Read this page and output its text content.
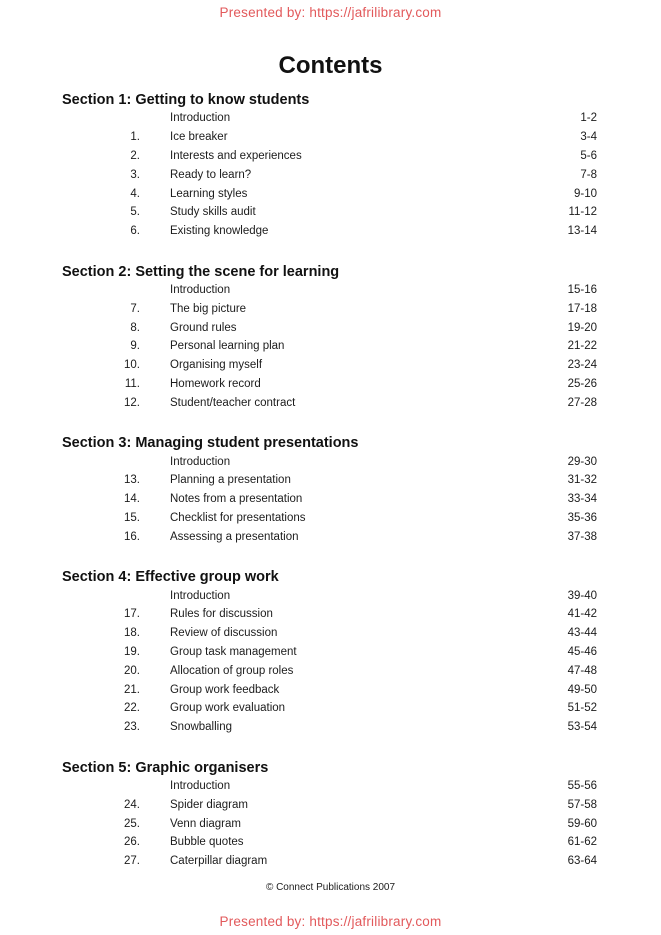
Presented by: https://jafrilibrary.com
Contents
Section 1: Getting to know students
Introduction	1-2
1.	Ice breaker	3-4
2.	Interests and experiences	5-6
3.	Ready to learn?	7-8
4.	Learning styles	9-10
5.	Study skills audit	11-12
6.	Existing knowledge	13-14
Section 2: Setting the scene for learning
Introduction	15-16
7.	The big picture	17-18
8.	Ground rules	19-20
9.	Personal learning plan	21-22
10.	Organising myself	23-24
11.	Homework record	25-26
12.	Student/teacher contract	27-28
Section 3: Managing student presentations
Introduction	29-30
13.	Planning a presentation	31-32
14.	Notes from a presentation	33-34
15.	Checklist for presentations	35-36
16.	Assessing a presentation	37-38
Section 4: Effective group work
Introduction	39-40
17.	Rules for discussion	41-42
18.	Review of discussion	43-44
19.	Group task management	45-46
20.	Allocation of group roles	47-48
21.	Group work feedback	49-50
22.	Group work evaluation	51-52
23.	Snowballing	53-54
Section 5: Graphic organisers
Introduction	55-56
24.	Spider diagram	57-58
25.	Venn diagram	59-60
26.	Bubble quotes	61-62
27.	Caterpillar diagram	63-64
© Connect Publications 2007
Presented by: https://jafrilibrary.com
